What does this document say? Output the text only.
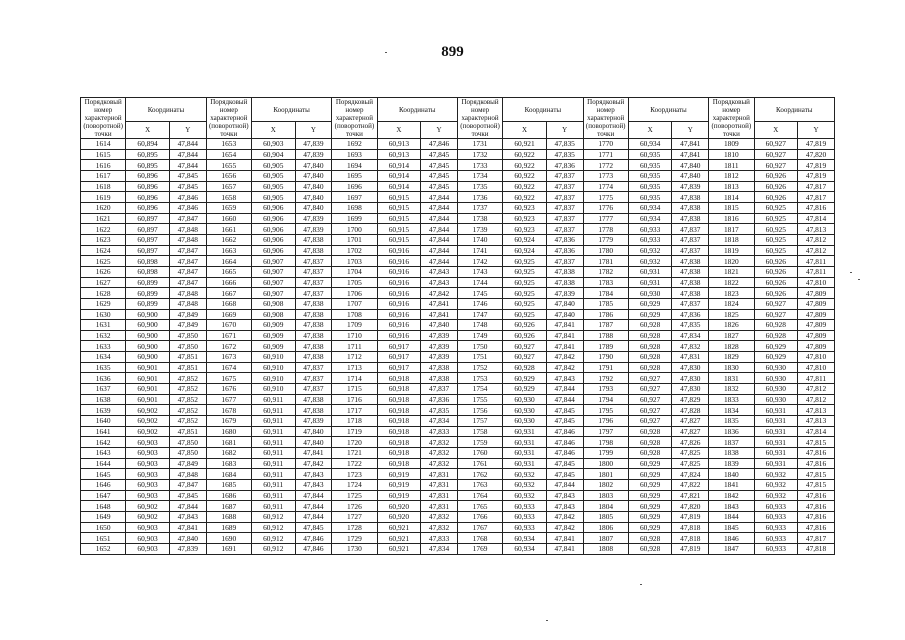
899
Порядковый номер характерной (поворотной) точки	Координаты		Порядковый номер характерной (поворотной) точки	Координаты		Порядковый номер характерной (поворотной) точки	Координаты		Порядковый номер характерной (поворотной) точки	Координаты		Порядковый номер характерной (поворотной) точки	Координаты		Порядковый номер характерной (поворотной) точки	Координаты	
	X	Y		X	Y		X	Y		X	Y		X	Y		X	Y
1614	60,894	47,844	1653	60,903	47,839	1692	60,913	47,846	1731	60,921	47,835	1770	60,934	47,841	1809	60,927	47,819
1615	60,895	47,844	1654	60,904	47,839	1693	60,913	47,845	1732	60,922	47,835	1771	60,935	47,841	1810	60,927	47,820
1616	60,895	47,844	1655	60,905	47,840	1694	60,914	47,845	1733	60,922	47,836	1772	60,935	47,840	1811	60,927	47,819
1617	60,896	47,845	1656	60,905	47,840	1695	60,914	47,845	1734	60,922	47,837	1773	60,935	47,840	1812	60,926	47,819
1618	60,896	47,845	1657	60,905	47,840	1696	60,914	47,845	1735	60,922	47,837	1774	60,935	47,839	1813	60,926	47,817
1619	60,896	47,846	1658	60,905	47,840	1697	60,915	47,844	1736	60,922	47,837	1775	60,935	47,838	1814	60,926	47,817
1620	60,896	47,846	1659	60,906	47,840	1698	60,915	47,844	1737	60,923	47,837	1776	60,934	47,838	1815	60,925	47,816
1621	60,897	47,847	1660	60,906	47,839	1699	60,915	47,844	1738	60,923	47,837	1777	60,934	47,838	1816	60,925	47,814
1622	60,897	47,848	1661	60,906	47,839	1700	60,915	47,844	1739	60,923	47,837	1778	60,933	47,837	1817	60,925	47,813
1623	60,897	47,848	1662	60,906	47,838	1701	60,915	47,844	1740	60,924	47,836	1779	60,933	47,837	1818	60,925	47,812
1624	60,897	47,847	1663	60,906	47,838	1702	60,916	47,844	1741	60,924	47,836	1780	60,932	47,837	1819	60,925	47,812
1625	60,898	47,847	1664	60,907	47,837	1703	60,916	47,844	1742	60,925	47,837	1781	60,932	47,838	1820	60,926	47,811
1626	60,898	47,847	1665	60,907	47,837	1704	60,916	47,843	1743	60,925	47,838	1782	60,931	47,838	1821	60,926	47,811
1627	60,899	47,847	1666	60,907	47,837	1705	60,916	47,843	1744	60,925	47,838	1783	60,931	47,838	1822	60,926	47,810
1628	60,899	47,848	1667	60,907	47,837	1706	60,916	47,842	1745	60,925	47,839	1784	60,930	47,838	1823	60,926	47,809
1629	60,899	47,848	1668	60,908	47,838	1707	60,916	47,841	1746	60,925	47,840	1785	60,929	47,837	1824	60,927	47,809
1630	60,900	47,849	1669	60,908	47,838	1708	60,916	47,841	1747	60,925	47,840	1786	60,929	47,836	1825	60,927	47,809
1631	60,900	47,849	1670	60,909	47,838	1709	60,916	47,840	1748	60,926	47,841	1787	60,928	47,835	1826	60,928	47,809
1632	60,900	47,850	1671	60,909	47,838	1710	60,916	47,839	1749	60,926	47,841	1788	60,928	47,834	1827	60,928	47,809
1633	60,900	47,850	1672	60,909	47,838	1711	60,917	47,839	1750	60,927	47,841	1789	60,928	47,832	1828	60,929	47,809
1634	60,900	47,851	1673	60,910	47,838	1712	60,917	47,839	1751	60,927	47,842	1790	60,928	47,831	1829	60,929	47,810
1635	60,901	47,851	1674	60,910	47,837	1713	60,917	47,838	1752	60,928	47,842	1791	60,928	47,830	1830	60,930	47,810
1636	60,901	47,852	1675	60,910	47,837	1714	60,918	47,838	1753	60,929	47,843	1792	60,927	47,830	1831	60,930	47,811
1637	60,901	47,852	1676	60,910	47,837	1715	60,918	47,837	1754	60,929	47,844	1793	60,927	47,830	1832	60,930	47,812
1638	60,901	47,852	1677	60,911	47,838	1716	60,918	47,836	1755	60,930	47,844	1794	60,927	47,829	1833	60,930	47,812
1639	60,902	47,852	1678	60,911	47,838	1717	60,918	47,835	1756	60,930	47,845	1795	60,927	47,828	1834	60,931	47,813
1640	60,902	47,852	1679	60,911	47,839	1718	60,918	47,834	1757	60,930	47,845	1796	60,927	47,827	1835	60,931	47,813
1641	60,902	47,851	1680	60,911	47,840	1719	60,918	47,833	1758	60,931	47,846	1797	60,928	47,827	1836	60,931	47,814
1642	60,903	47,850	1681	60,911	47,840	1720	60,918	47,832	1759	60,931	47,846	1798	60,928	47,826	1837	60,931	47,815
1643	60,903	47,850	1682	60,911	47,841	1721	60,918	47,832	1760	60,931	47,846	1799	60,928	47,825	1838	60,931	47,816
1644	60,903	47,849	1683	60,911	47,842	1722	60,918	47,832	1761	60,931	47,845	1800	60,929	47,825	1839	60,931	47,816
1645	60,903	47,848	1684	60,911	47,843	1723	60,919	47,831	1762	60,932	47,845	1801	60,929	47,824	1840	60,932	47,815
1646	60,903	47,847	1685	60,911	47,843	1724	60,919	47,831	1763	60,932	47,844	1802	60,929	47,822	1841	60,932	47,815
1647	60,903	47,845	1686	60,911	47,844	1725	60,919	47,831	1764	60,932	47,843	1803	60,929	47,821	1842	60,932	47,816
1648	60,902	47,844	1687	60,911	47,844	1726	60,920	47,831	1765	60,933	47,843	1804	60,929	47,820	1843	60,933	47,816
1649	60,902	47,843	1688	60,912	47,844	1727	60,920	47,832	1766	60,933	47,842	1805	60,929	47,819	1844	60,933	47,816
1650	60,903	47,841	1689	60,912	47,845	1728	60,921	47,832	1767	60,933	47,842	1806	60,929	47,818	1845	60,933	47,816
1651	60,903	47,840	1690	60,912	47,846	1729	60,921	47,833	1768	60,934	47,841	1807	60,928	47,818	1846	60,933	47,817
1652	60,903	47,839	1691	60,912	47,846	1730	60,921	47,834	1769	60,934	47,841	1808	60,928	47,819	1847	60,933	47,818
